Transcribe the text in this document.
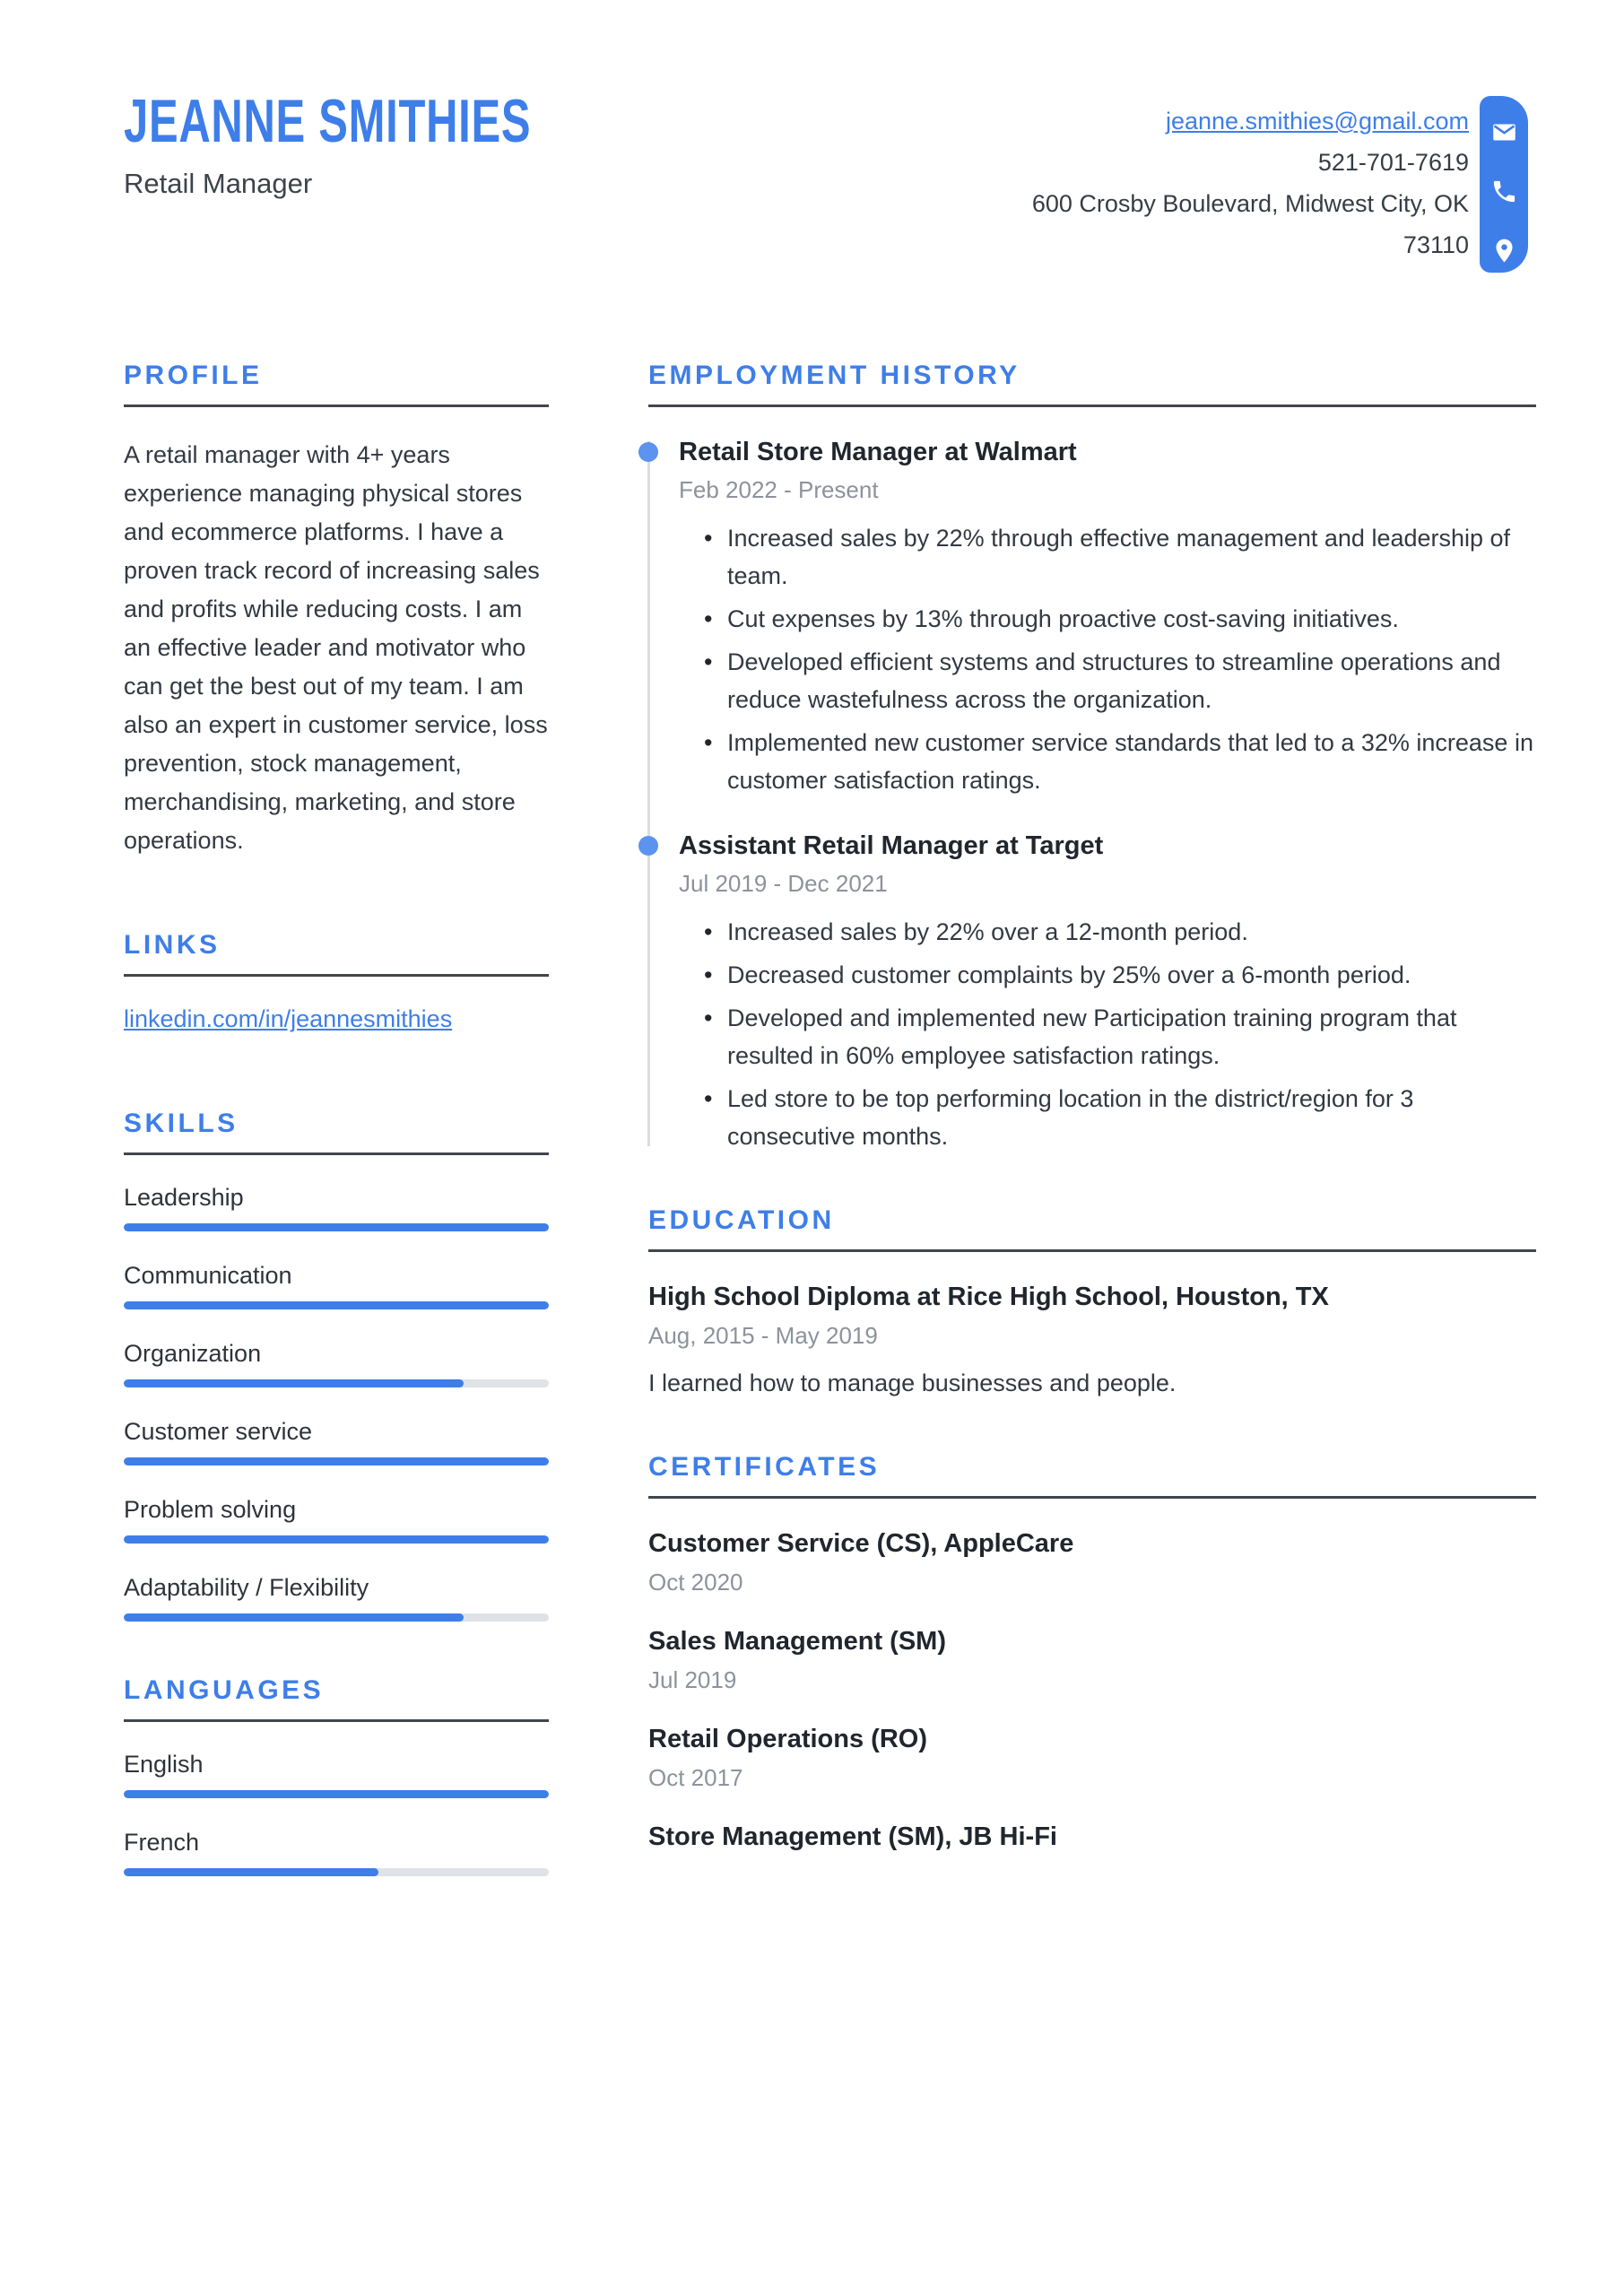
JEANNE SMITHIES
Retail Manager
jeanne.smithies@gmail.com
521-701-7619
600 Crosby Boulevard, Midwest City, OK
73110
PROFILE

A retail manager with 4+ years experience managing physical stores and ecommerce platforms. I have a proven track record of increasing sales and profits while reducing costs. I am an effective leader and motivator who can get the best out of my team. I am also an expert in customer service, loss prevention, stock management, merchandising, marketing, and store operations.

LINKS
linkedin.com/in/jeannesmithies
SKILLS
Leadership
Communication
Organization
Customer service
Problem solving
Adaptability / Flexibility
LANGUAGES
English
French
EMPLOYMENT HISTORY
Retail Store Manager at Walmart
Feb 2022 - Present
• Increased sales by 22% through effective management and leadership of team.
• Cut expenses by 13% through proactive cost-saving initiatives.
• Developed efficient systems and structures to streamline operations and reduce wastefulness across the organization.
• Implemented new customer service standards that led to a 32% increase in customer satisfaction ratings.
Assistant Retail Manager at Target
Jul 2019 - Dec 2021
• Increased sales by 22% over a 12-month period.
• Decreased customer complaints by 25% over a 6-month period.
• Developed and implemented new Participation training program that resulted in 60% employee satisfaction ratings.
• Led store to be top performing location in the district/region for 3 consecutive months.
EDUCATION
High School Diploma at Rice High School, Houston, TX
Aug, 2015 - May 2019
I learned how to manage businesses and people.
CERTIFICATES
Customer Service (CS), AppleCare
Oct 2020
Sales Management (SM)
Jul 2019
Retail Operations (RO)
Oct 2017
Store Management (SM), JB Hi-Fi
